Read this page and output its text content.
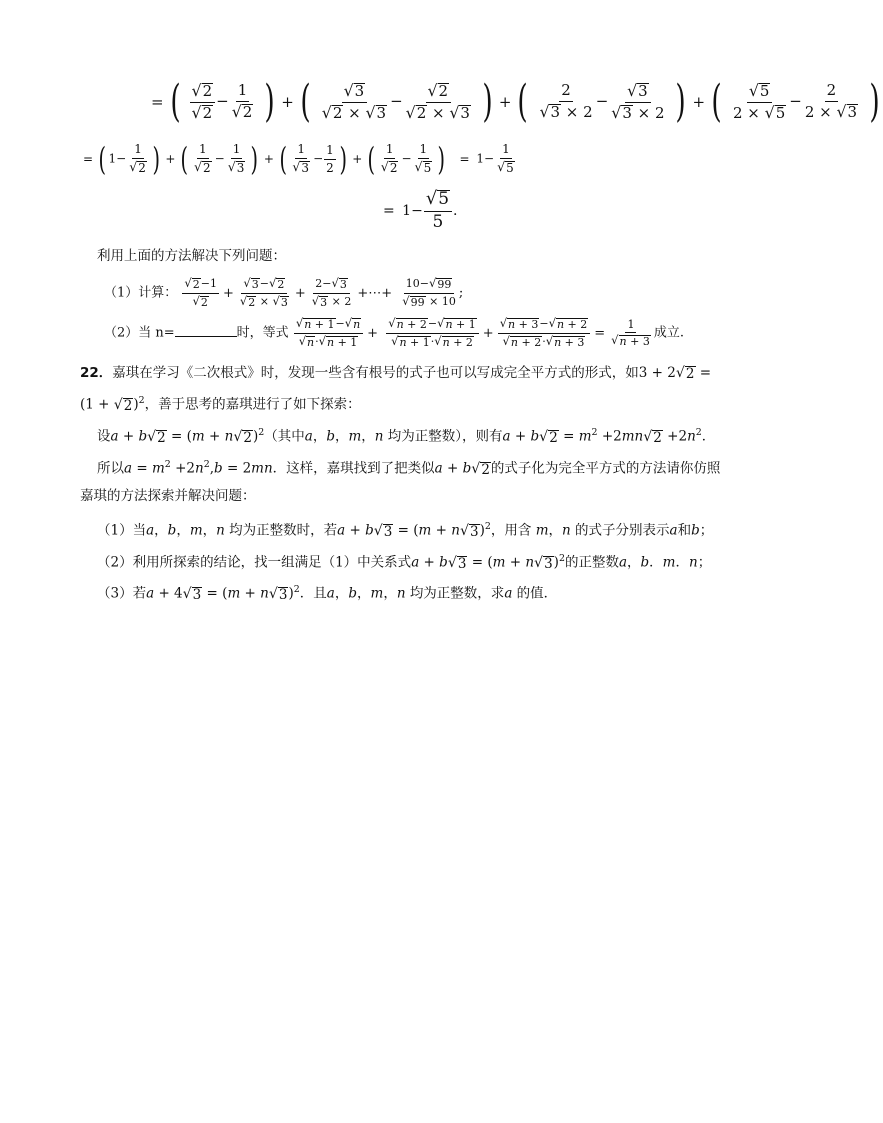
= ( $\frac{√ 2}{√ 2} - \frac{1}{√ 2}$ ) + ( $\frac{√ 3}{√ 2 \times √ 3} - \frac{√ 2}{√ 2 \times √ 3}$ ) + ( $\frac{2}{√ 3 \times 2} - \frac{√ 3}{√ 3 \times 2}$ ) + ( $\frac{√ 5}{2 \times √ 5} - \frac{2}{2 \times √ 3}$ )
= ( $1- \frac{1}{√ 2}$ ) + ( $\frac{1}{√ 2} - \frac{1}{√ 3}$ ) + ( $\frac{1}{√ 3} - \frac{1}{2}$ ) + ( $\frac{1}{√ 2} - \frac{1}{√ 5}$ ) = $1- \frac{1}{√ 5}$
= $1- \frac{√ 5}{5}$ .
利用上面的方法解决下列问题：
（1）计算： $\frac{√ 2 -1}{√ 2} + \frac{√ 3 - √ 2}{√ 2 \times √ 3} + \frac{2- √ 3}{√ 3 \times 2}$ +⋯+ $\frac{10- √ 99}{√ 99 \times 10}$ ;
（2）当 n=	时，等式 $\frac{√ n + 1 - √ n}{√ n \cdot √ n + 1} + \frac{√ n + 2 - √ n + 1}{√ n + 1 \cdot √ n + 2} + \frac{√ n + 3 - √ n + 2}{√ n + 2 \cdot √ n + 3} = \frac{1}{√ n + 3}$ 成立.
22．嘉琪在学习《二次根式》时，发现一些含有根号的式子也可以写成完全平方式的形式，如3 + 2 √ 2 =
(1 + √ 2 )$^2$，善于思考的嘉琪进行了如下探索：
设a + b √ 2 = (m + n √ 2 )$^2$（其中a，b，m，n 均为正整数），则有a + b √ $2 = m^2 +2mn$ √ $2 +2n^2$．
所以$a = m^2 +2n^2,b = 2mn$．这样，嘉琪找到了把类似a + b √ 2 的式子化为完全平方式的方法请你仿照
嘉琪的方法探索并解决问题：
（1）当a，b，m，n 均为正整数时，若a + b √ 3 = (m + n √ 3 )$^2$，用含 m，n 的式子分别表示a和b；
（2）利用所探索的结论，找一组满足（1）中关系式a + b √ 3 = (m + n √ 3 )$^2$的正整数a，b．m．n；
（3）若a + 4 √ 3 = (m + n √ 3 )$^2$．且a，b，m，n 均为正整数，求a 的值．
